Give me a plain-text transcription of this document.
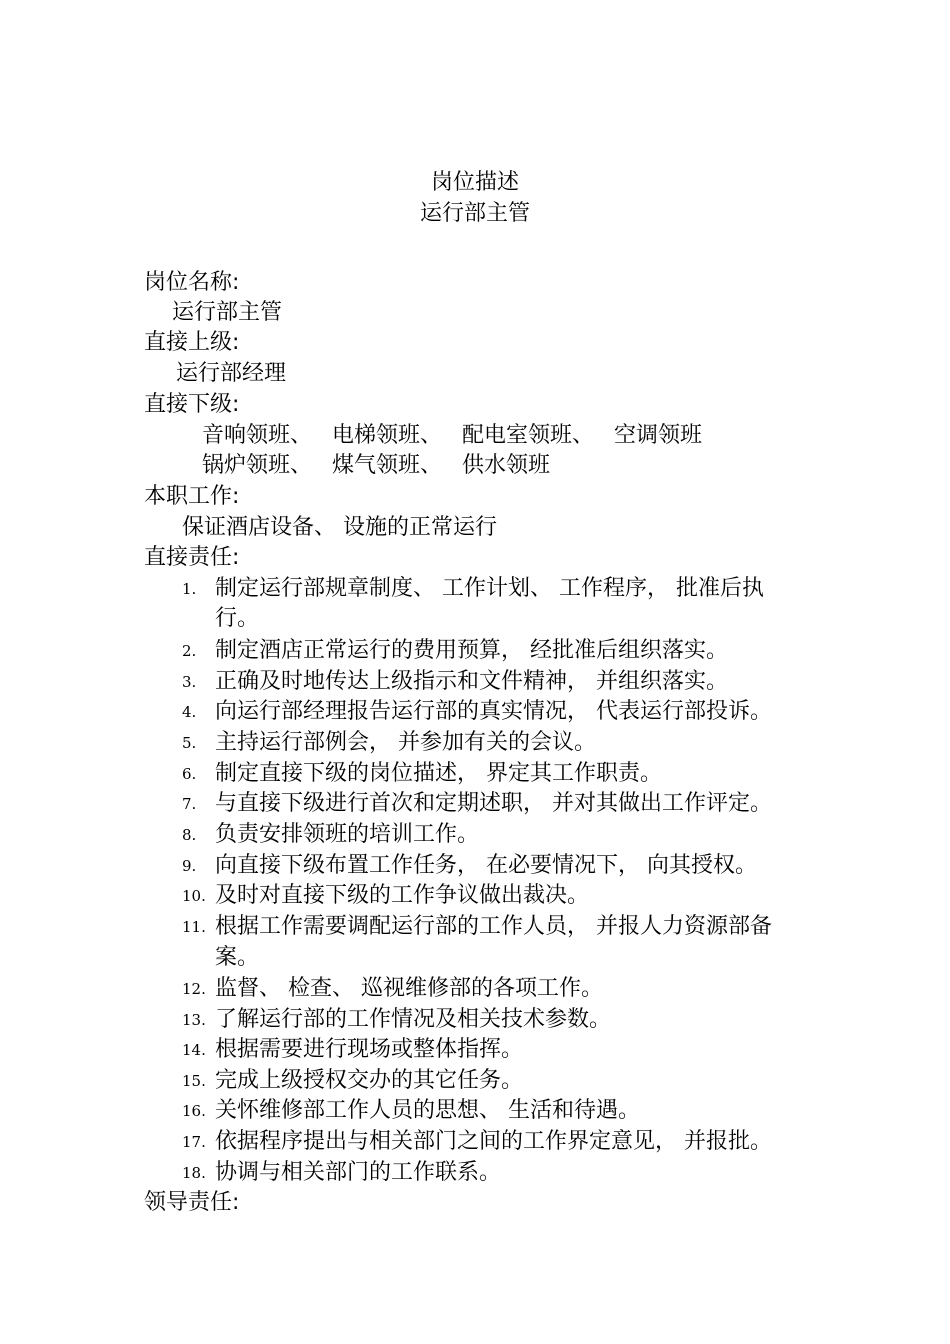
岗位描述
运行部主管
岗位名称:
运行部主管
直接上级:
运行部经理
直接下级:
音响领班、 电梯领班、 配电室领班、 空调领班
锅炉领班、 煤气领班、 供水领班
本职工作:
保证酒店设备、 设施的正常运行
直接责任:
1. 制定运行部规章制度、 工作计划、 工作程序， 批准后执
行。
2. 制定酒店正常运行的费用预算， 经批准后组织落实。
3. 正确及时地传达上级指示和文件精神， 并组织落实。
4. 向运行部经理报告运行部的真实情况， 代表运行部投诉。
5. 主持运行部例会， 并参加有关的会议。
6. 制定直接下级的岗位描述， 界定其工作职责。
7. 与直接下级进行首次和定期述职， 并对其做出工作评定。
8. 负责安排领班的培训工作。
9. 向直接下级布置工作任务， 在必要情况下， 向其授权。
10. 及时对直接下级的工作争议做出裁决。
11. 根据工作需要调配运行部的工作人员， 并报人力资源部备
案。
12. 监督、 检查、 巡视维修部的各项工作。
13. 了解运行部的工作情况及相关技术参数。
14. 根据需要进行现场或整体指挥。
15. 完成上级授权交办的其它任务。
16. 关怀维修部工作人员的思想、 生活和待遇。
17. 依据程序提出与相关部门之间的工作界定意见， 并报批。
18. 协调与相关部门的工作联系。
领导责任:
